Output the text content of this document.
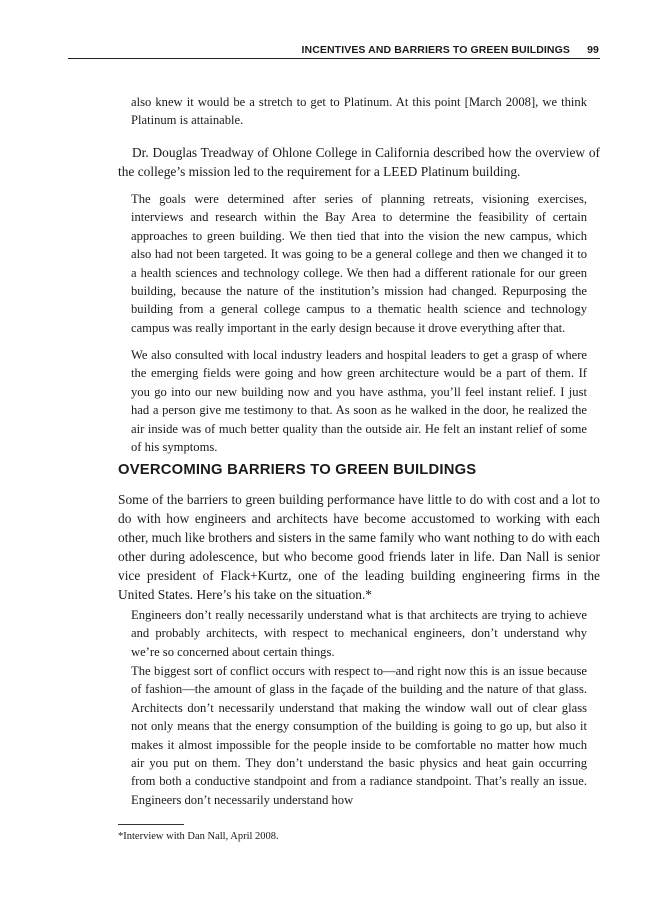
INCENTIVES AND BARRIERS TO GREEN BUILDINGS 99

also knew it would be a stretch to get to Platinum. At this point [March 2008], we think Platinum is attainable.

Dr. Douglas Treadway of Ohlone College in California described how the overview of the college’s mission led to the requirement for a LEED Platinum building.

The goals were determined after series of planning retreats, visioning exercises, interviews and research within the Bay Area to determine the feasibility of certain approaches to green building. We then tied that into the vision the new campus, which also had not been targeted. It was going to be a general college and then we changed it to a health sciences and technology college. We then had a different rationale for our green building, because the nature of the institution’s mission had changed. Repurposing the building from a general college campus to a thematic health science and technology campus was really important in the early design because it drove everything after that.

We also consulted with local industry leaders and hospital leaders to get a grasp of where the emerging fields were going and how green architecture would be a part of them. If you go into our new building now and you have asthma, you’ll feel instant relief. I just had a person give me testimony to that. As soon as he walked in the door, he realized the air inside was of much better quality than the outside air. He felt an instant relief of some of his symptoms.

OVERCOMING BARRIERS TO GREEN BUILDINGS

Some of the barriers to green building performance have little to do with cost and a lot to do with how engineers and architects have become accustomed to working with each other, much like brothers and sisters in the same family who want nothing to do with each other during adolescence, but who become good friends later in life. Dan Nall is senior vice president of Flack+Kurtz, one of the leading building engineering firms in the United States. Here’s his take on the situation.*

Engineers don’t really necessarily understand what is that architects are trying to achieve and probably architects, with respect to mechanical engineers, don’t understand why we’re so concerned about certain things.

The biggest sort of conflict occurs with respect to—and right now this is an issue because of fashion—the amount of glass in the façade of the building and the nature of that glass. Architects don’t necessarily understand that making the window wall out of clear glass not only means that the energy consumption of the building is going to go up, but also it makes it almost impossible for the people inside to be comfortable no matter how much air you put on them. They don’t understand the basic physics and heat gain occurring from both a conductive standpoint and from a radiance standpoint. That’s really an issue. Engineers don’t necessarily understand how

*Interview with Dan Nall, April 2008.
